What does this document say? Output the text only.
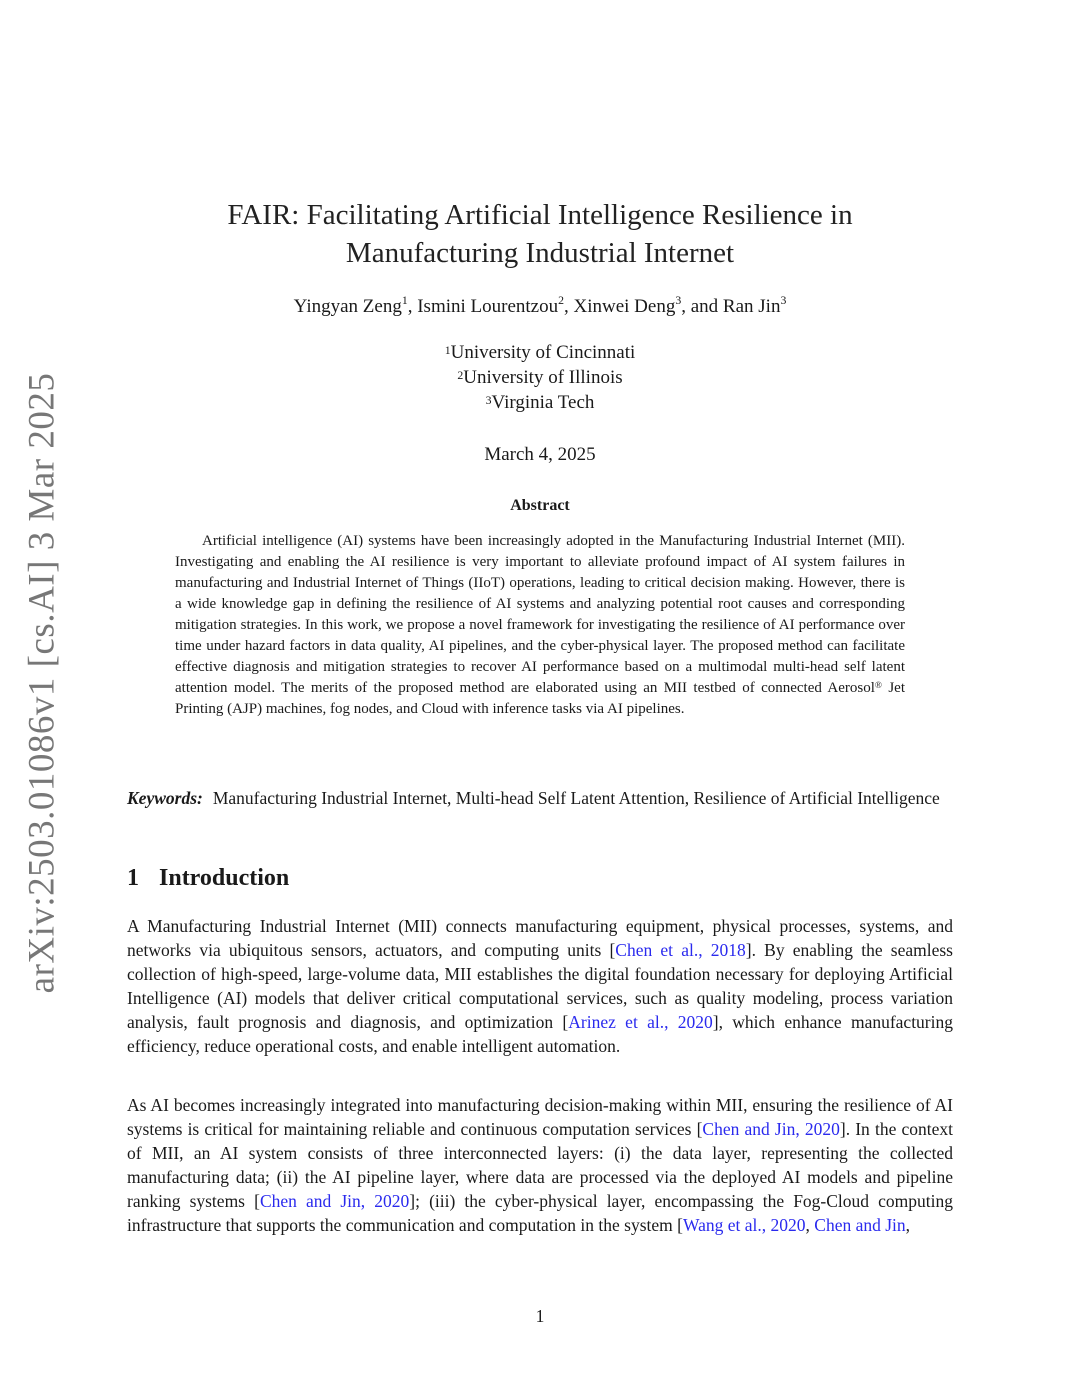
arXiv:2503.01086v1 [cs.AI] 3 Mar 2025
FAIR: Facilitating Artificial Intelligence Resilience in
Manufacturing Industrial Internet
Yingyan Zeng$^1$, Ismini Lourentzou$^2$, Xinwei Deng$^3$, and Ran Jin$^3$
$^1$University of Cincinnati
$^2$University of Illinois
$^3$Virginia Tech
March 4, 2025
Abstract
Artificial intelligence (AI) systems have been increasingly adopted in the Manufacturing Industrial Internet (MII). Investigating and enabling the AI resilience is very important to alleviate profound impact of AI system failures in manufacturing and Industrial Internet of Things (IIoT) operations, leading to critical decision making. However, there is a wide knowledge gap in defining the resilience of AI systems and analyzing potential root causes and corresponding mitigation strategies. In this work, we propose a novel framework for investigating the resilience of AI performance over time under hazard factors in data quality, AI pipelines, and the cyber-physical layer. The proposed method can facilitate effective diagnosis and mitigation strategies to recover AI performance based on a multimodal multi-head self latent attention model. The merits of the proposed method are elaborated using an MII testbed of connected Aerosol® Jet Printing (AJP) machines, fog nodes, and Cloud with inference tasks via AI pipelines.
Keywords: Manufacturing Industrial Internet, Multi-head Self Latent Attention, Resilience of Artificial Intelligence
1 Introduction
A Manufacturing Industrial Internet (MII) connects manufacturing equipment, physical processes, systems, and networks via ubiquitous sensors, actuators, and computing units [Chen et al., 2018]. By enabling the seamless collection of high-speed, large-volume data, MII establishes the digital foundation necessary for deploying Artificial Intelligence (AI) models that deliver critical computational services, such as quality modeling, process variation analysis, fault prognosis and diagnosis, and optimization [Arinez et al., 2020], which enhance manufacturing efficiency, reduce operational costs, and enable intelligent automation.
As AI becomes increasingly integrated into manufacturing decision-making within MII, ensuring the resilience of AI systems is critical for maintaining reliable and continuous computation services [Chen and Jin, 2020]. In the context of MII, an AI system consists of three interconnected layers: (i) the data layer, representing the collected manufacturing data; (ii) the AI pipeline layer, where data are processed via the deployed AI models and pipeline ranking systems [Chen and Jin, 2020]; (iii) the cyber-physical layer, encompassing the Fog-Cloud computing infrastructure that supports the communication and computation in the system [Wang et al., 2020, Chen and Jin,
1
